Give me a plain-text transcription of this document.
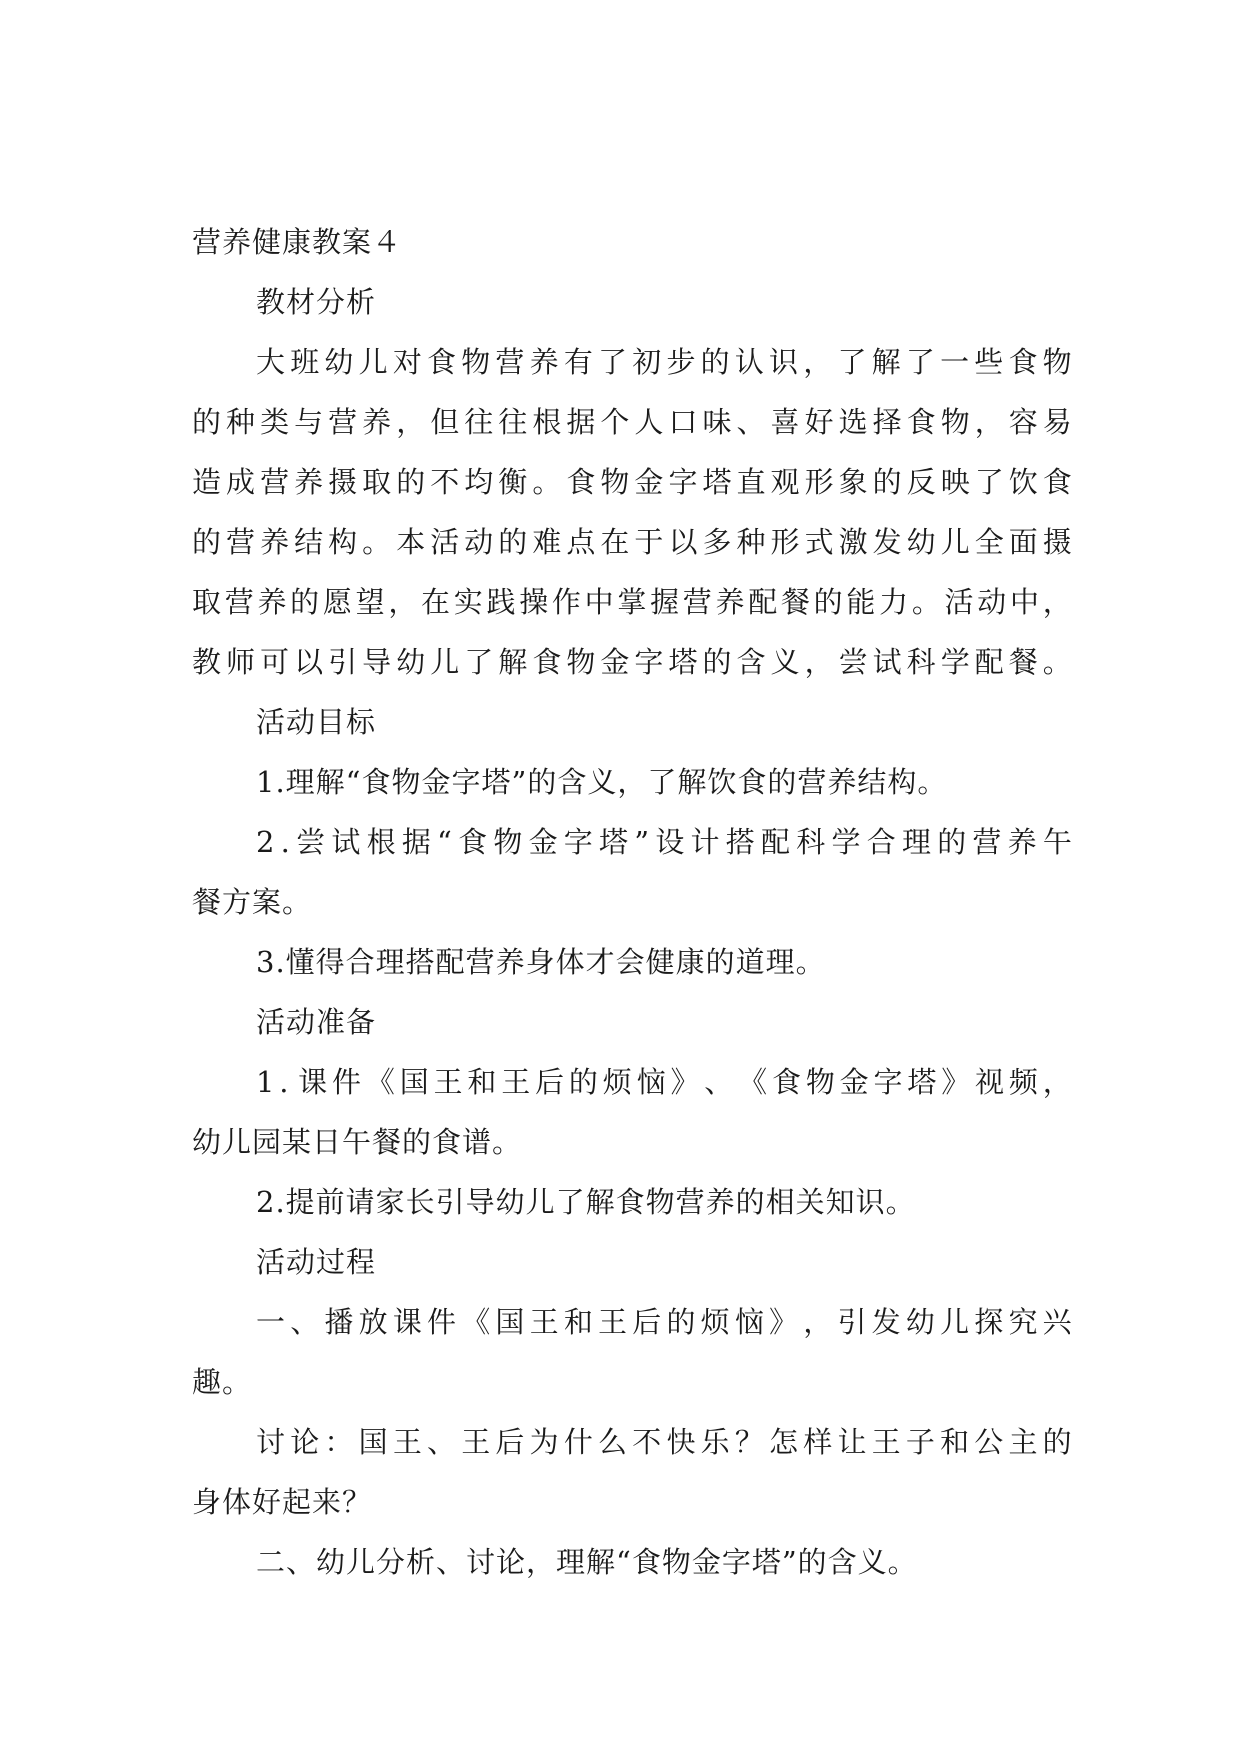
营养健康教案４
教材分析
大 班 幼 儿 对 食 物 营 养 有 了 初 步 的 认 识 ， 了 解 了 一 些 食 物
的 种 类 与 营 养 ， 但 往 往 根 据 个 人 口 味 、 喜 好 选 择 食 物 ， 容 易
造 成 营 养 摄 取 的 不 均 衡 。 食 物 金 字 塔 直 观 形 象 的 反 映 了 饮 食
的 营 养 结 构 。 本 活 动 的 难 点 在 于 以 多 种 形 式 激 发 幼 儿 全 面 摄
取 营 养 的 愿 望 ， 在 实 践 操 作 中 掌 握 营 养 配 餐 的 能 力 。 活 动 中 ，
教 师 可 以 引 导 幼 儿 了 解 食 物 金 字 塔 的 含 义 ， 尝 试 科 学 配 餐 。
活动目标
1.理解“食物金字塔”的含义，了解饮食的营养结构。
2 . 尝 试 根 据 “ 食 物 金 字 塔 ” 设 计 搭 配 科 学 合 理 的 营 养 午
餐方案。
3.懂得合理搭配营养身体才会健康的道理。
活动准备
1 . 课 件 《 国 王 和 王 后 的 烦 恼 》 、 《 食 物 金 字 塔 》 视 频 ，
幼儿园某日午餐的食谱。
2.提前请家长引导幼儿了解食物营养的相关知识。
活动过程
一 、 播 放 课 件 《 国 王 和 王 后 的 烦 恼 》 ， 引 发 幼 儿 探 究 兴
趣。
讨 论 ： 国 王 、 王 后 为 什 么 不 快 乐 ？ 怎 样 让 王 子 和 公 主 的
身体好起来？
二、幼儿分析、讨论，理解“食物金字塔”的含义。
